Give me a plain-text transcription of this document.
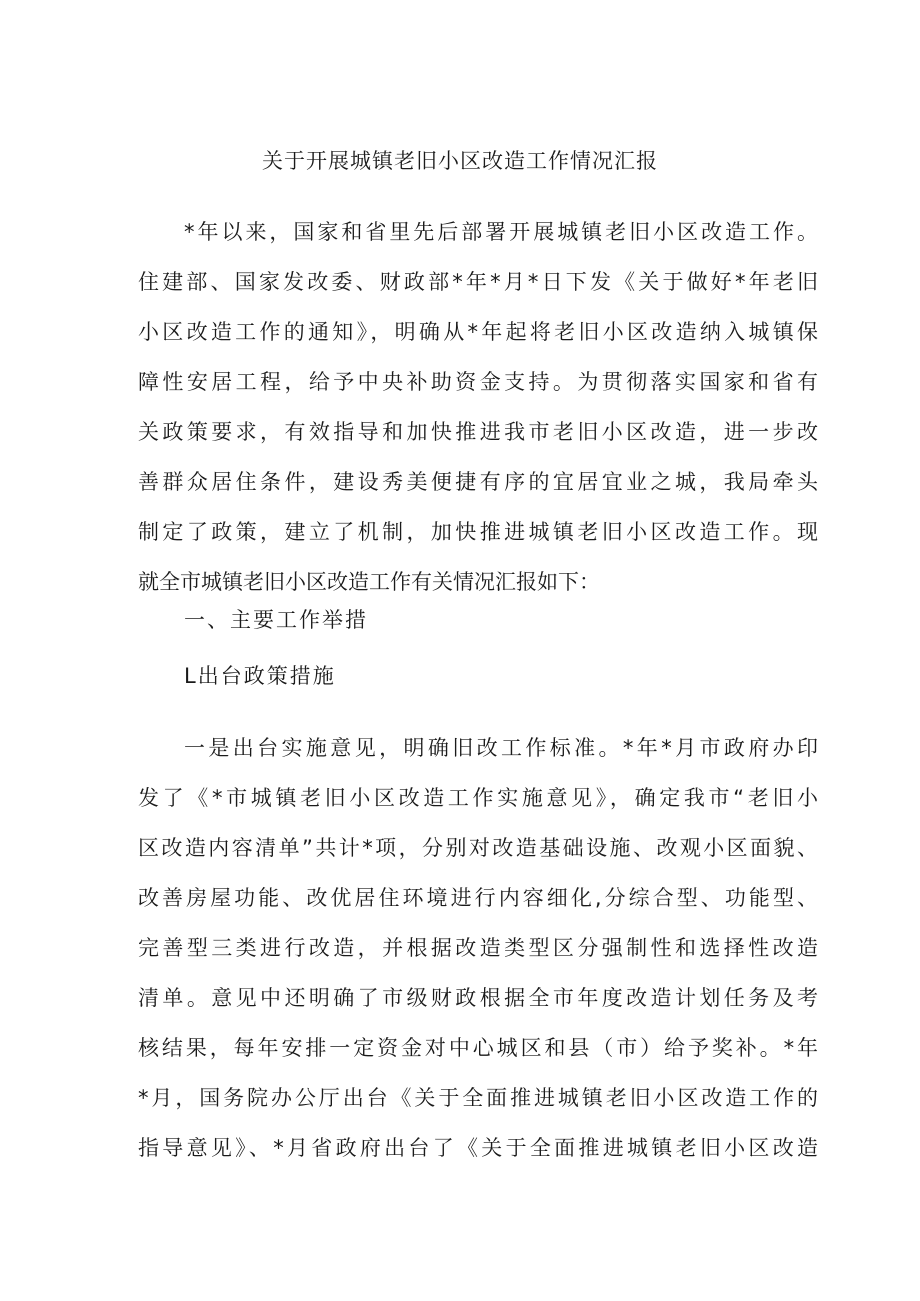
关于开展城镇老旧小区改造工作情况汇报
*年以来，国家和省里先后部署开展城镇老旧小区改造工作。
住建部、国家发改委、财政部*年*月*日下发《关于做好*年老旧
小区改造工作的通知》，明确从*年起将老旧小区改造纳入城镇保
障性安居工程，给予中央补助资金支持。为贯彻落实国家和省有
关政策要求，有效指导和加快推进我市老旧小区改造，进一步改
善群众居住条件，建设秀美便捷有序的宜居宜业之城，我局牵头
制定了政策，建立了机制，加快推进城镇老旧小区改造工作。现
就全市城镇老旧小区改造工作有关情况汇报如下：
一、主要工作举措
L出台政策措施
一是出台实施意见，明确旧改工作标准。*年*月市政府办印
发了《*市城镇老旧小区改造工作实施意见》，确定我市“老旧小
区改造内容清单”共计*项，分别对改造基础设施、改观小区面貌、
改善房屋功能、改优居住环境进行内容细化,分综合型、功能型、
完善型三类进行改造，并根据改造类型区分强制性和选择性改造
清单。意见中还明确了市级财政根据全市年度改造计划任务及考
核结果，每年安排一定资金对中心城区和县（市）给予奖补。*年
*月，国务院办公厅出台《关于全面推进城镇老旧小区改造工作的
指导意见》、*月省政府出台了《关于全面推进城镇老旧小区改造
